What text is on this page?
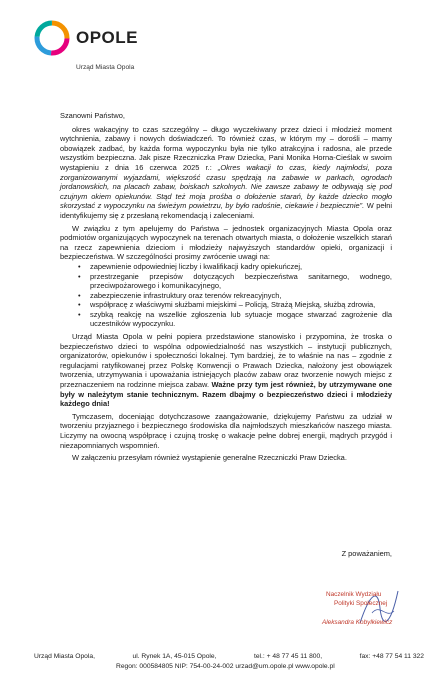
OPOLE
Urząd Miasta Opola

Szanowni Państwo,

okres wakacyjny to czas szczególny – długo wyczekiwany przez dzieci i młodzież moment wytchnienia, zabawy i nowych doświadczeń. To również czas, w którym my – dorośli – mamy obowiązek zadbać, by każda forma wypoczynku była nie tylko atrakcyjna i radosna, ale przede wszystkim bezpieczna. Jak pisze Rzeczniczka Praw Dziecka, Pani Monika Horna-Cieślak w swoim wystąpieniu z dnia 16 czerwca 2025 r.: „Okres wakacji to czas, kiedy najmłodsi, poza zorganizowanymi wyjazdami, większość czasu spędzają na zabawie w parkach, ogrodach jordanowskich, na placach zabaw, boiskach szkolnych. Nie zawsze zabawy te odbywają się pod czujnym okiem opiekunów. Stąd też moja prośba o dołożenie starań, by każde dziecko mogło skorzystać z wypoczynku na świeżym powietrzu, by było radośnie, ciekawie i bezpiecznie”. W pełni identyfikujemy się z przesłaną rekomendacją i zaleceniami.

W związku z tym apelujemy do Państwa – jednostek organizacyjnych Miasta Opola oraz podmiotów organizujących wypoczynek na terenach otwartych miasta, o dołożenie wszelkich starań na rzecz zapewnienia dzieciom i młodzieży najwyższych standardów opieki, organizacji i bezpieczeństwa. W szczególności prosimy zwrócenie uwagi na:

• zapewnienie odpowiedniej liczby i kwalifikacji kadry opiekuńczej,
• przestrzeganie przepisów dotyczących bezpieczeństwa sanitarnego, wodnego, przeciwpożarowego i komunikacyjnego,
• zabezpieczenie infrastruktury oraz terenów rekreacyjnych,
• współpracę z właściwymi służbami miejskimi – Policją, Strażą Miejską, służbą zdrowia,
• szybką reakcję na wszelkie zgłoszenia lub sytuacje mogące stwarzać zagrożenie dla uczestników wypoczynku.

Urząd Miasta Opola w pełni popiera przedstawione stanowisko i przypomina, że troska o bezpieczeństwo dzieci to wspólna odpowiedzialność nas wszystkich – instytucji publicznych, organizatorów, opiekunów i społeczności lokalnej. Tym bardziej, że to właśnie na nas – zgodnie z regulacjami ratyfikowanej przez Polskę Konwencji o Prawach Dziecka, nałożony jest obowiązek tworzenia, utrzymywania i upoważania istniejących placów zabaw oraz tworzenie nowych miejsc z przeznaczeniem na rodzinne miejsca zabaw. Ważne przy tym jest również, by utrzymywane one były w należytym stanie technicznym. Razem dbajmy o bezpieczeństwo dzieci i młodzieży każdego dnia!

Tymczasem, doceniając dotychczasowe zaangażowanie, dziękujemy Państwu za udział w tworzeniu przyjaznego i bezpiecznego środowiska dla najmłodszych mieszkańców naszego miasta. Liczymy na owocną współpracę i czujną troskę o wakacje pełne dobrej energii, mądrych przygód i niezapomnianych wspomnień.

W załączeniu przesyłam również wystąpienie generalne Rzeczniczki Praw Dziecka.

Z poważaniem,
Naczelnik Wydziału
Polityki Społecznej
Aleksandra Kobylkiewicz
Urząd Miasta Opola,	ul. Rynek 1A, 45-015 Opole,	tel.: + 48 77 45 11 800,	fax: +48 77 54 11 322
Regon: 000584805 NIP: 754-00-24-002 urzad@um.opole.pl www.opole.pl
